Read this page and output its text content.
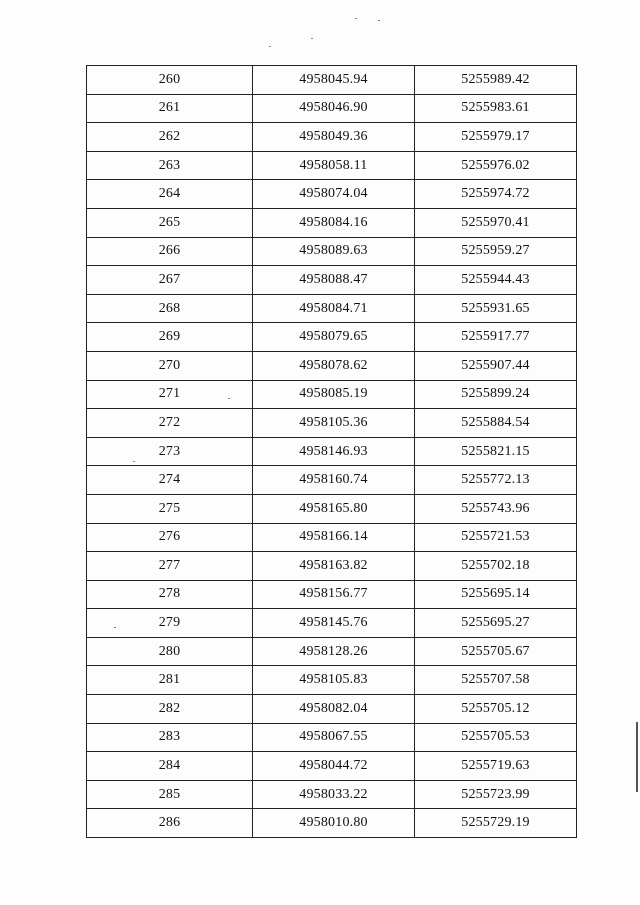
260	4958045.94	5255989.42
261	4958046.90	5255983.61
262	4958049.36	5255979.17
263	4958058.11	5255976.02
264	4958074.04	5255974.72
265	4958084.16	5255970.41
266	4958089.63	5255959.27
267	4958088.47	5255944.43
268	4958084.71	5255931.65
269	4958079.65	5255917.77
270	4958078.62	5255907.44
271	4958085.19	5255899.24
272	4958105.36	5255884.54
273	4958146.93	5255821.15
274	4958160.74	5255772.13
275	4958165.80	5255743.96
276	4958166.14	5255721.53
277	4958163.82	5255702.18
278	4958156.77	5255695.14
279	4958145.76	5255695.27
280	4958128.26	5255705.67
281	4958105.83	5255707.58
282	4958082.04	5255705.12
283	4958067.55	5255705.53
284	4958044.72	5255719.63
285	4958033.22	5255723.99
286	4958010.80	5255729.19
